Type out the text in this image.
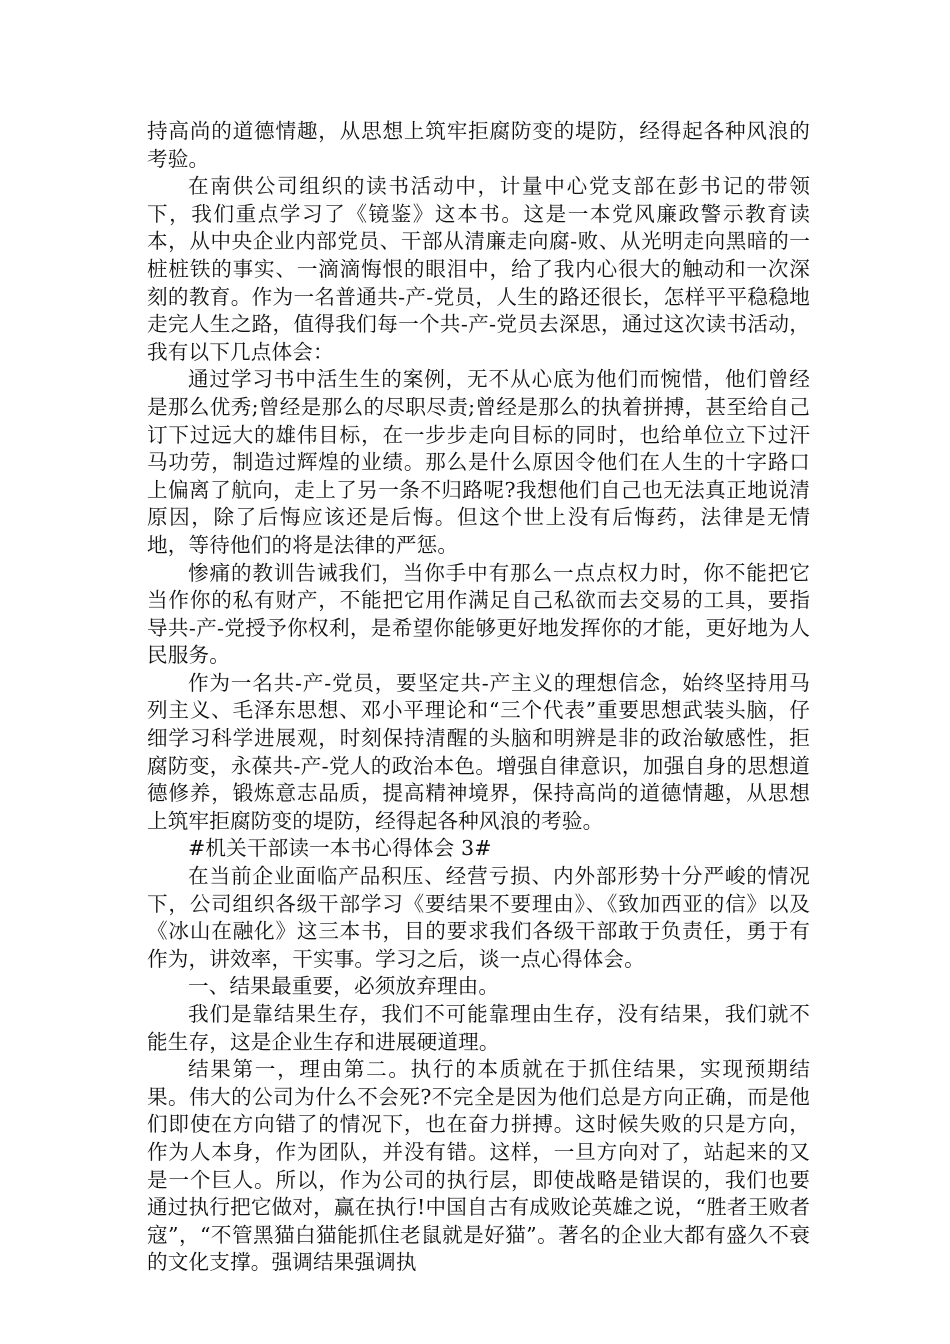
持高尚的道德情趣，从思想上筑牢拒腐防变的堤防，经得起各种风浪的考验。

在南供公司组织的读书活动中，计量中心党支部在彭书记的带领下，我们重点学习了《镜鉴》这本书。这是一本党风廉政警示教育读本，从中央企业内部党员、干部从清廉走向腐-败、从光明走向黑暗的一桩桩铁的事实、一滴滴悔恨的眼泪中，给了我内心很大的触动和一次深刻的教育。作为一名普通共-产-党员，人生的路还很长，怎样平平稳稳地走完人生之路，值得我们每一个共-产-党员去深思，通过这次读书活动，我有以下几点体会：

通过学习书中活生生的案例，无不从心底为他们而惋惜，他们曾经是那么优秀;曾经是那么的尽职尽责;曾经是那么的执着拼搏，甚至给自己订下过远大的雄伟目标，在一步步走向目标的同时，也给单位立下过汗马功劳，制造过辉煌的业绩。那么是什么原因令他们在人生的十字路口上偏离了航向，走上了另一条不归路呢?我想他们自己也无法真正地说清原因，除了后悔应该还是后悔。但这个世上没有后悔药，法律是无情地，等待他们的将是法律的严惩。

惨痛的教训告诫我们，当你手中有那么一点点权力时，你不能把它当作你的私有财产，不能把它用作满足自己私欲而去交易的工具，要指导共-产-党授予你权利，是希望你能够更好地发挥你的才能，更好地为人民服务。

作为一名共-产-党员，要坚定共-产主义的理想信念，始终坚持用马列主义、毛泽东思想、邓小平理论和“三个代表”重要思想武装头脑，仔细学习科学进展观，时刻保持清醒的头脑和明辨是非的政治敏感性，拒腐防变，永葆共-产-党人的政治本色。增强自律意识，加强自身的思想道德修养，锻炼意志品质，提高精神境界，保持高尚的道德情趣，从思想上筑牢拒腐防变的堤防，经得起各种风浪的考验。

#机关干部读一本书心得体会 3#

在当前企业面临产品积压、经营亏损、内外部形势十分严峻的情况下，公司组织各级干部学习《要结果不要理由》、《致加西亚的信》以及《冰山在融化》这三本书，目的要求我们各级干部敢于负责任，勇于有作为，讲效率，干实事。学习之后，谈一点心得体会。

一、结果最重要，必须放弃理由。

我们是靠结果生存，我们不可能靠理由生存，没有结果，我们就不能生存，这是企业生存和进展硬道理。

结果第一，理由第二。执行的本质就在于抓住结果，实现预期结果。伟大的公司为什么不会死?不完全是因为他们总是方向正确，而是他们即使在方向错了的情况下，也在奋力拼搏。这时候失败的只是方向，作为人本身，作为团队，并没有错。这样，一旦方向对了，站起来的又是一个巨人。所以，作为公司的执行层，即使战略是错误的，我们也要通过执行把它做对，赢在执行!中国自古有成败论英雄之说，“胜者王败者寇”，“不管黑猫白猫能抓住老鼠就是好猫”。著名的企业大都有盛久不衰的文化支撑。强调结果强调执
